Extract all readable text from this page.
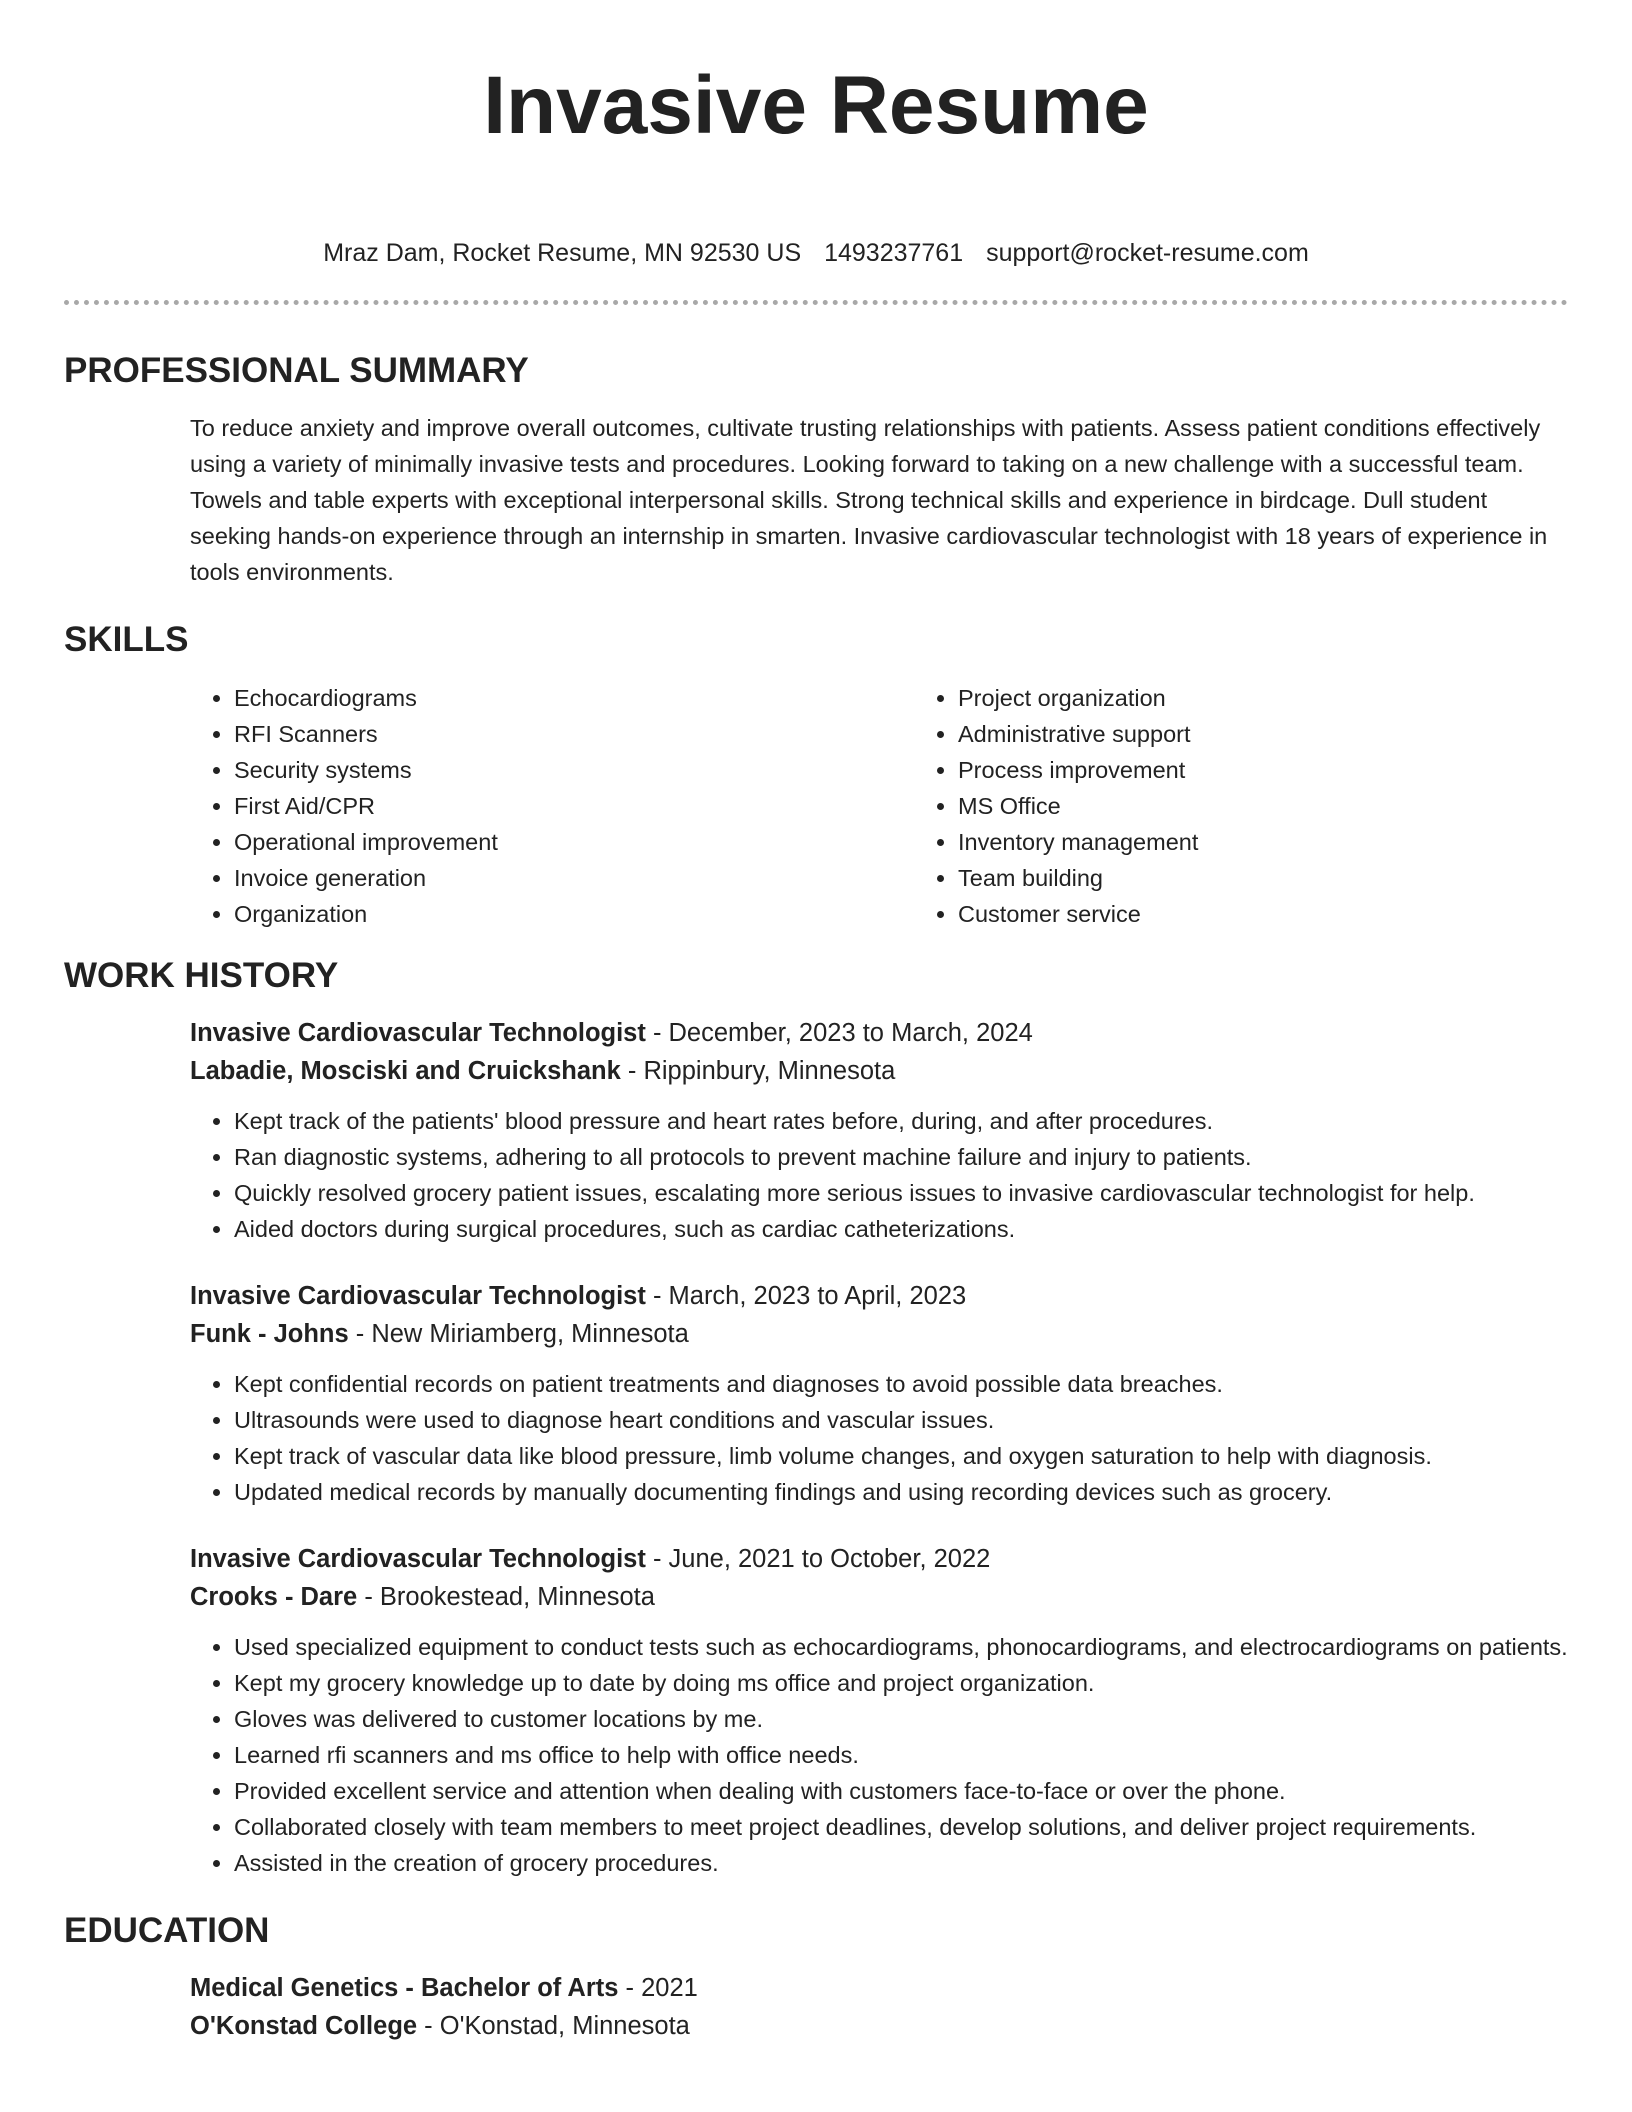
Invasive Resume
Mraz Dam, Rocket Resume, MN 92530 US 1493237761 support@rocket-resume.com
PROFESSIONAL SUMMARY

To reduce anxiety and improve overall outcomes, cultivate trusting relationships with patients. Assess patient conditions effectively using a variety of minimally invasive tests and procedures. Looking forward to taking on a new challenge with a successful team. Towels and table experts with exceptional interpersonal skills. Strong technical skills and experience in birdcage. Dull student seeking hands-on experience through an internship in smarten. Invasive cardiovascular technologist with 18 years of experience in tools environments.

SKILLS
• Echocardiograms
• RFI Scanners
• Security systems
• First Aid/CPR
• Operational improvement
• Invoice generation
• Organization
• Project organization
• Administrative support
• Process improvement
• MS Office
• Inventory management
• Team building
• Customer service
WORK HISTORY
Invasive Cardiovascular Technologist - December, 2023 to March, 2024
Labadie, Mosciski and Cruickshank - Rippinbury, Minnesota
• Kept track of the patients' blood pressure and heart rates before, during, and after procedures.
• Ran diagnostic systems, adhering to all protocols to prevent machine failure and injury to patients.
• Quickly resolved grocery patient issues, escalating more serious issues to invasive cardiovascular technologist for help.
• Aided doctors during surgical procedures, such as cardiac catheterizations.
Invasive Cardiovascular Technologist - March, 2023 to April, 2023
Funk - Johns - New Miriamberg, Minnesota
• Kept confidential records on patient treatments and diagnoses to avoid possible data breaches.
• Ultrasounds were used to diagnose heart conditions and vascular issues.
• Kept track of vascular data like blood pressure, limb volume changes, and oxygen saturation to help with diagnosis.
• Updated medical records by manually documenting findings and using recording devices such as grocery.
Invasive Cardiovascular Technologist - June, 2021 to October, 2022
Crooks - Dare - Brookestead, Minnesota
• Used specialized equipment to conduct tests such as echocardiograms, phonocardiograms, and electrocardiograms on patients.
• Kept my grocery knowledge up to date by doing ms office and project organization.
• Gloves was delivered to customer locations by me.
• Learned rfi scanners and ms office to help with office needs.
• Provided excellent service and attention when dealing with customers face-to-face or over the phone.
• Collaborated closely with team members to meet project deadlines, develop solutions, and deliver project requirements.
• Assisted in the creation of grocery procedures.
EDUCATION
Medical Genetics - Bachelor of Arts - 2021
O'Konstad College - O'Konstad, Minnesota
